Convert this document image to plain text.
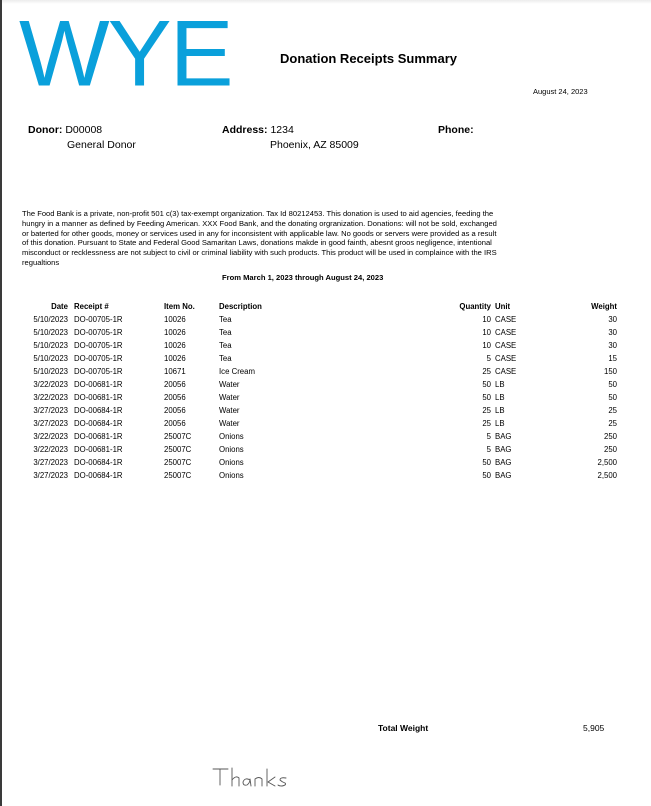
WYE	Donation Receipts Summary
August 24, 2023
Donor: D00008
General Donor
Address: 1234
Phoenix, AZ 85009
Phone:
The Food Bank is a private, non-profit 501 c(3) tax-exempt organization. Tax Id 80212453. This donation is used to aid agencies, feeding the hungry in a manner as defined by Feeding American. XXX Food Bank, and the donating orgranization. Donations: will not be sold, exchanged or baterted for other goods, money or services used in any for inconsistent with applicable law. No goods or servers were provided as a result of this donation. Pursuant to State and Federal Good Samaritan Laws, donations makde in good fainth, abesnt groos negligence, intentional misconduct or recklessness are not subject to civil or criminal liability with such products. This product will be used in complaince with the IRS regualtions
From March 1, 2023 through August 24, 2023
Date	Receipt #	Item No.	Description	Quantity	Unit	Weight
5/10/2023	DO-00705-1R	10026	Tea	10	CASE	30
5/10/2023	DO-00705-1R	10026	Tea	10	CASE	30
5/10/2023	DO-00705-1R	10026	Tea	10	CASE	30
5/10/2023	DO-00705-1R	10026	Tea	5	CASE	15
5/10/2023	DO-00705-1R	10671	Ice Cream	25	CASE	150
3/22/2023	DO-00681-1R	20056	Water	50	LB	50
3/22/2023	DO-00681-1R	20056	Water	50	LB	50
3/27/2023	DO-00684-1R	20056	Water	25	LB	25
3/27/2023	DO-00684-1R	20056	Water	25	LB	25
3/22/2023	DO-00681-1R	25007C	Onions	5	BAG	250
3/22/2023	DO-00681-1R	25007C	Onions	5	BAG	250
3/27/2023	DO-00684-1R	25007C	Onions	50	BAG	2,500
3/27/2023	DO-00684-1R	25007C	Onions	50	BAG	2,500
Total Weight	5,905
